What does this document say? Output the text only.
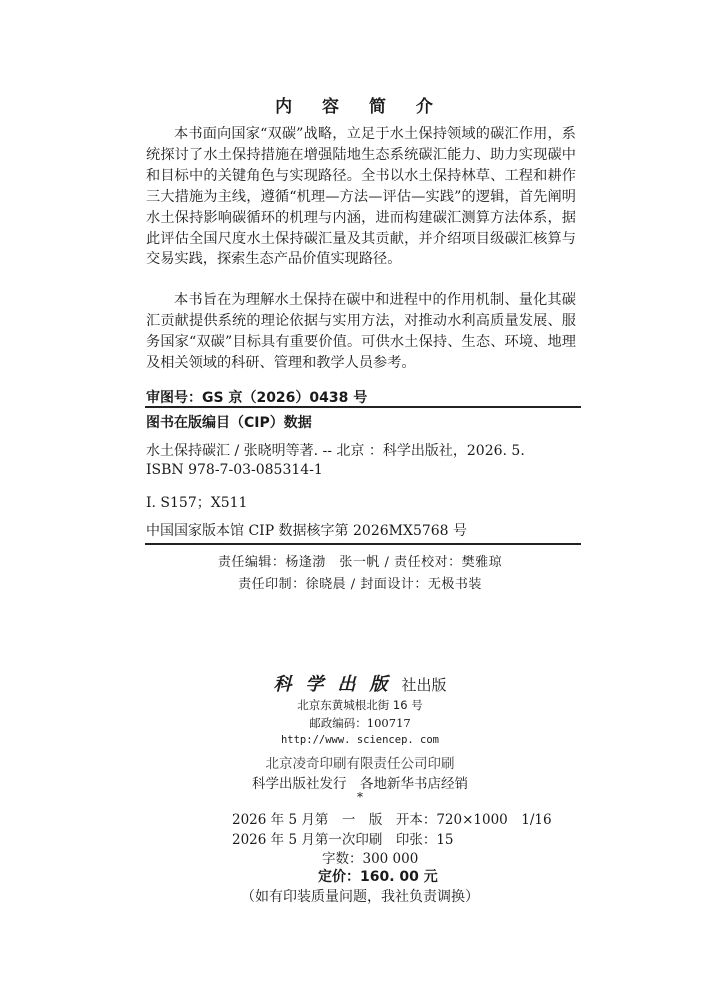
内 容 简 介

本书面向国家“双碳”战略，立足于水土保持领域的碳汇作用，系统探讨了水土保持措施在增强陆地生态系统碳汇能力、助力实现碳中和目标中的关键角色与实现路径。全书以水土保持林草、工程和耕作三大措施为主线，遵循“机理—方法—评估—实践”的逻辑，首先阐明水土保持影响碳循环的机理与内涵，进而构建碳汇测算方法体系，据此评估全国尺度水土保持碳汇量及其贡献，并介绍项目级碳汇核算与交易实践，探索生态产品价值实现路径。

本书旨在为理解水土保持在碳中和进程中的作用机制、量化其碳汇贡献提供系统的理论依据与实用方法，对推动水利高质量发展、服务国家“双碳”目标具有重要价值。可供水土保持、生态、环境、地理及相关领域的科研、管理和教学人员参考。

审图号：GS 京（2026）0438 号
图书在版编目（CIP）数据
水土保持碳汇 / 张晓明等著. -- 北京 ：科学出版社，2026. 5.
ISBN 978-7-03-085314-1
Ⅰ. S157；X511
中国国家版本馆 CIP 数据核字第 2026MX5768 号
责任编辑：杨逢渤　张一帆 / 责任校对：樊雅琼
责任印制：徐晓晨 / 封面设计：无极书装
科学出版社出版
北京东黄城根北街 16 号
邮政编码：100717
http://www. sciencep. com
北京凌奇印刷有限责任公司印刷
科学出版社发行　各地新华书店经销
*
2026 年 5 月第　一　版　开本：720×1000　1/16
2026 年 5 月第一次印刷　印张：15
字数：300 000
定价：160. 00 元
（如有印装质量问题，我社负责调换）
